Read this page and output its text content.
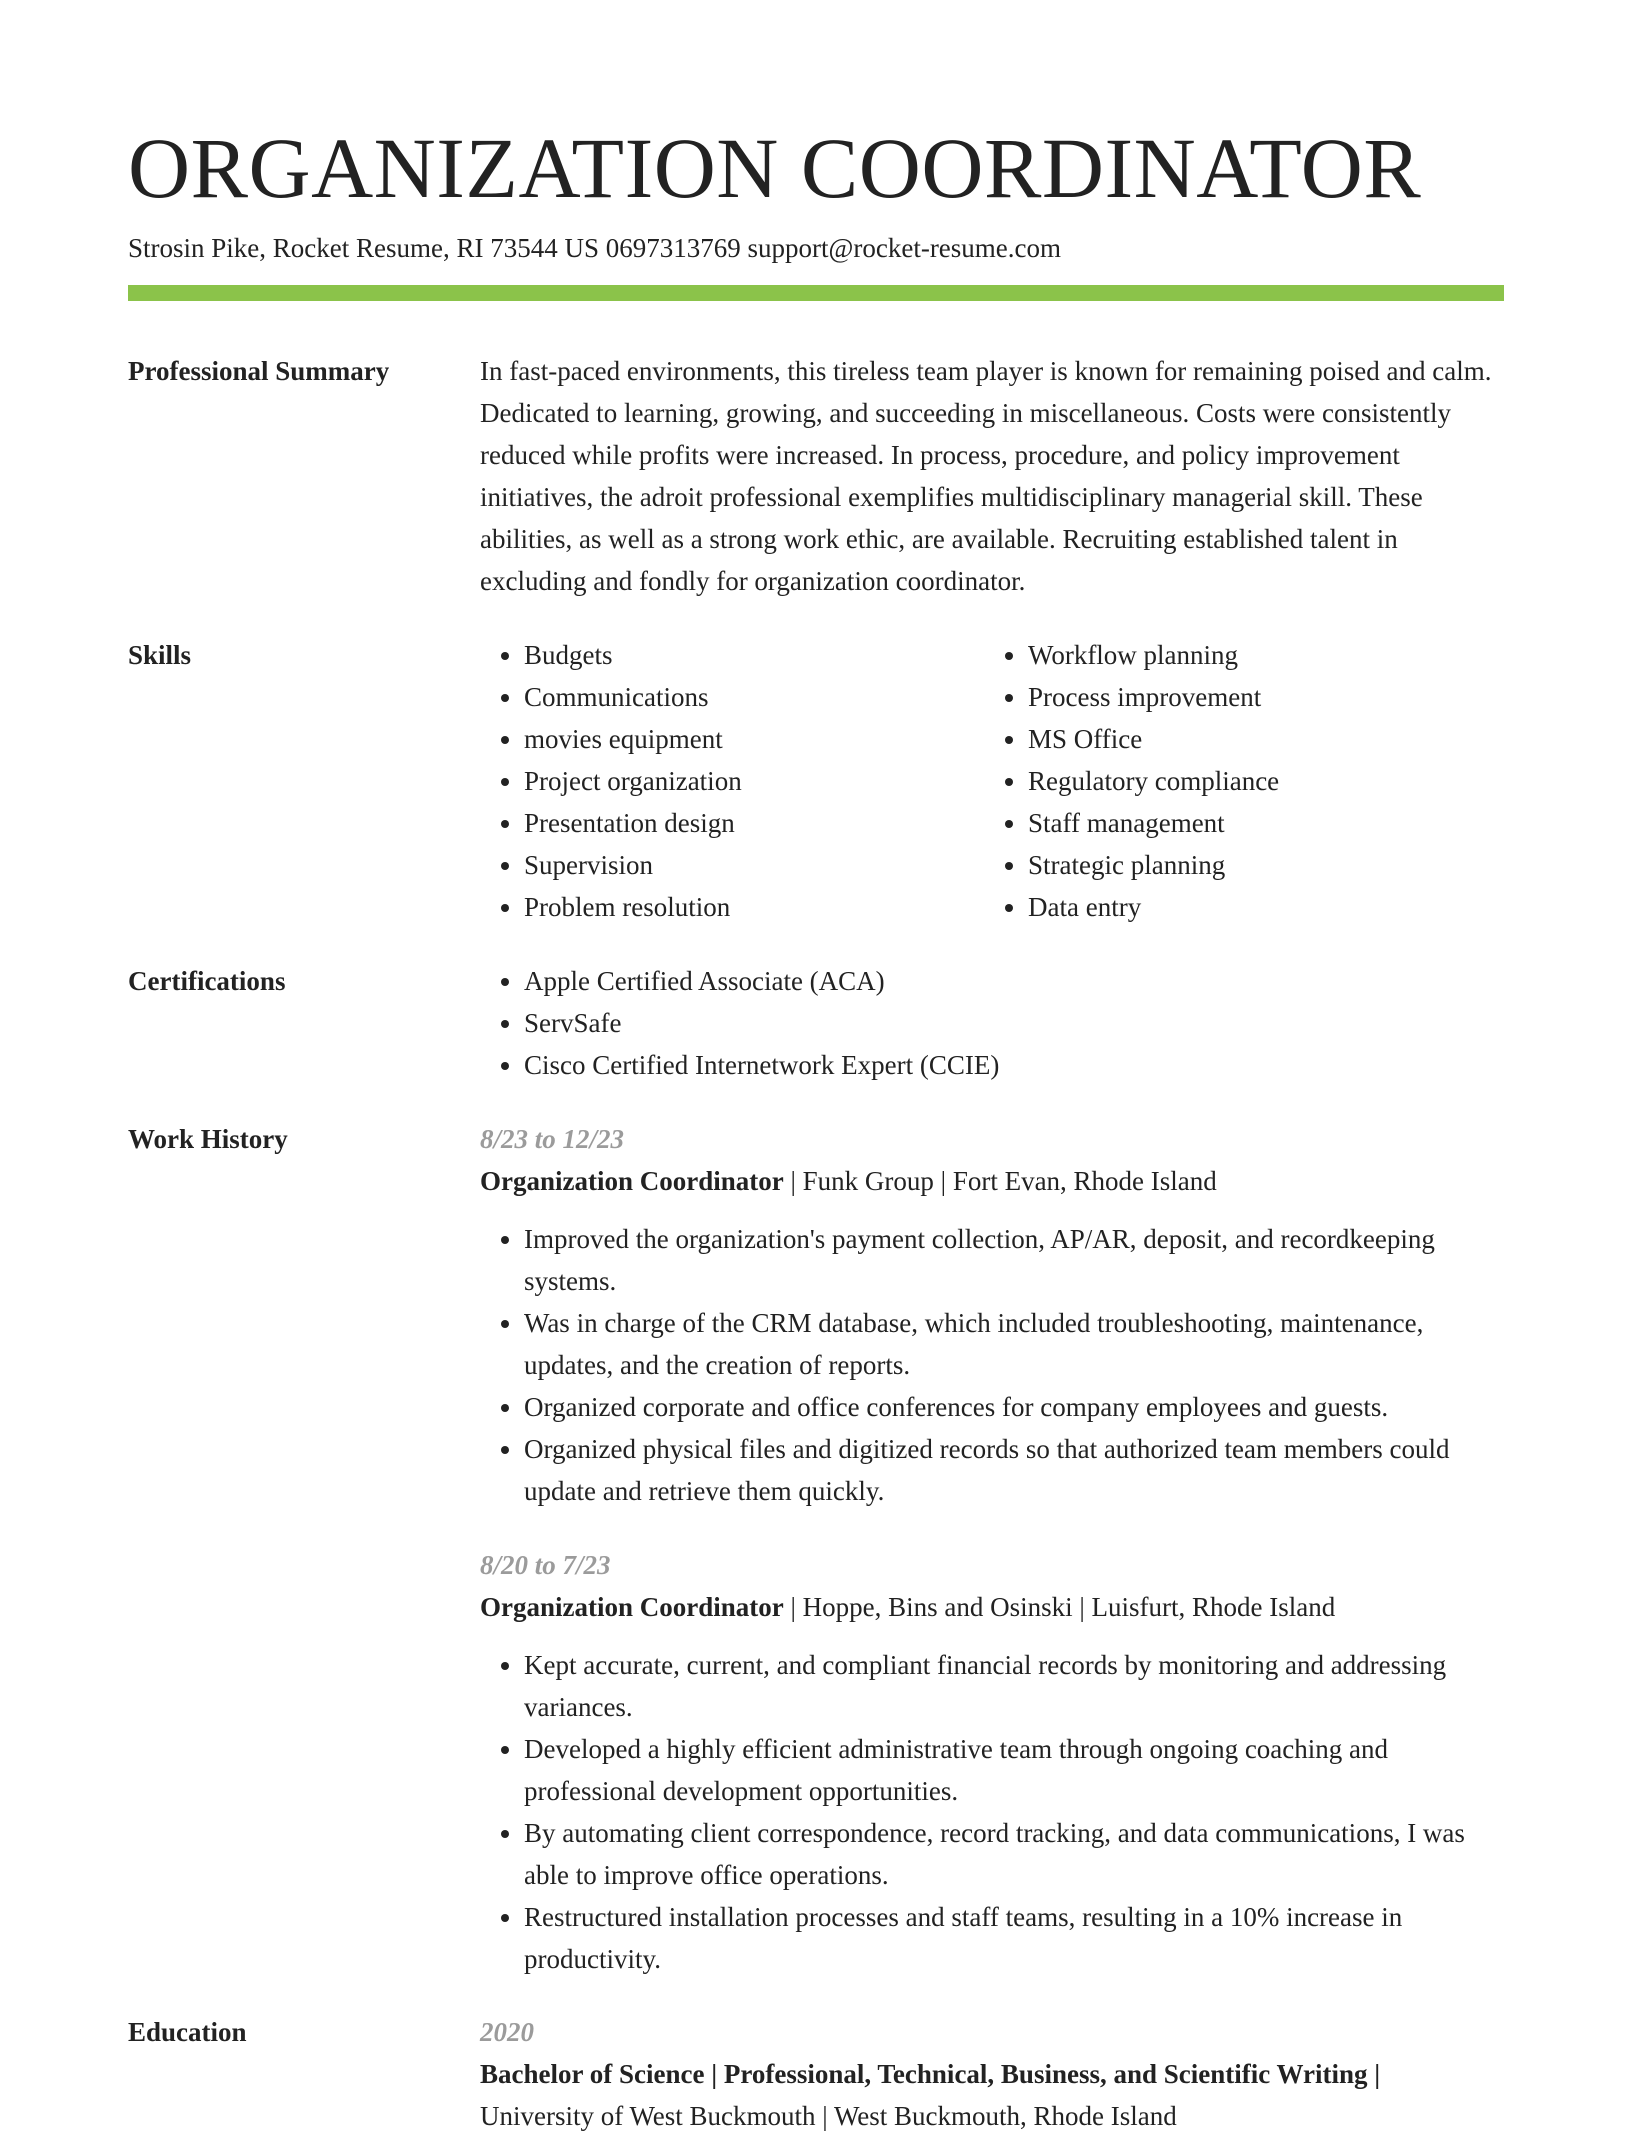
ORGANIZATION COORDINATOR
Strosin Pike, Rocket Resume, RI 73544 US 0697313769 support@rocket-resume.com
Professional Summary	In fast-paced environments, this tireless team player is known for remaining poised and calm. Dedicated to learning, growing, and succeeding in miscellaneous. Costs were consistently reduced while profits were increased. In process, procedure, and policy improvement initiatives, the adroit professional exemplifies multidisciplinary managerial skill. These abilities, as well as a strong work ethic, are available. Recruiting established talent in excluding and fondly for organization coordinator.

Skills	• Budgets
• Communications
• movies equipment
• Project organization
• Presentation design
• Supervision
• Problem resolution
• Workflow planning
• Process improvement
• MS Office
• Regulatory compliance
• Staff management
• Strategic planning
• Data entry
Certifications	• Apple Certified Associate (ACA)
• ServSafe
• Cisco Certified Internetwork Expert (CCIE)
Work History	8/23 to 12/23
Organization Coordinator | Funk Group | Fort Evan, Rhode Island
• Improved the organization's payment collection, AP/AR, deposit, and recordkeeping systems.
• Was in charge of the CRM database, which included troubleshooting, maintenance, updates, and the creation of reports.
• Organized corporate and office conferences for company employees and guests.
• Organized physical files and digitized records so that authorized team members could update and retrieve them quickly.
8/20 to 7/23
Organization Coordinator | Hoppe, Bins and Osinski | Luisfurt, Rhode Island
• Kept accurate, current, and compliant financial records by monitoring and addressing variances.
• Developed a highly efficient administrative team through ongoing coaching and professional development opportunities.
• By automating client correspondence, record tracking, and data communications, I was able to improve office operations.
• Restructured installation processes and staff teams, resulting in a 10% increase in productivity.
Education	2020
Bachelor of Science | Professional, Technical, Business, and Scientific Writing |
University of West Buckmouth | West Buckmouth, Rhode Island
